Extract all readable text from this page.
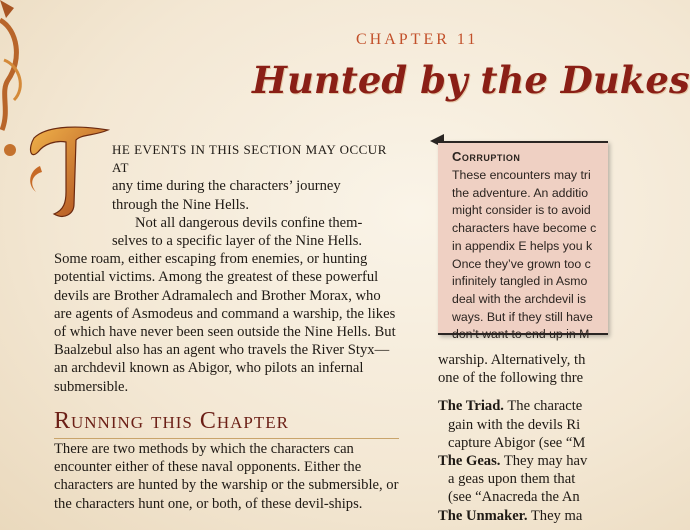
CHAPTER 11
Hunted by the Dukes
T

HE EVENTS IN THIS SECTION MAY OCCUR AT
any time during the characters’ journey
through the Nine Hells.

Not all dangerous devils confine them-
selves to a specific layer of the Nine Hells.
Some roam, either escaping from enemies, or hunting potential victims. Among the greatest of these powerful devils are Brother Adramalech and Brother Morax, who are agents of Asmodeus and command a warship, the likes of which have never been seen outside the Nine Hells. But Baalzebul also has an agent who travels the River Styx—an archdevil known as Abigor, who pilots an infernal submersible.

Running this Chapter

There are two methods by which the characters can encounter either of these naval opponents. Either the characters are hunted by the warship or the submersible, or the characters hunt one, or both, of these devil-ships.

Corruption
These encounters may tri
the adventure. An additio
might consider is to avoid
characters have become c
in appendix E helps you k
Once they’ve grown too c
infinitely tangled in Asmo
deal with the archdevil is
ways. But if they still have
don’t want to end up in M
warship. Alternatively, th
one of the following thre
The Triad. The characte
gain with the devils Ri
capture Abigor (see “M
The Geas. They may hav
a geas upon them that
(see “Anacreda the An
The Unmaker. They ma
